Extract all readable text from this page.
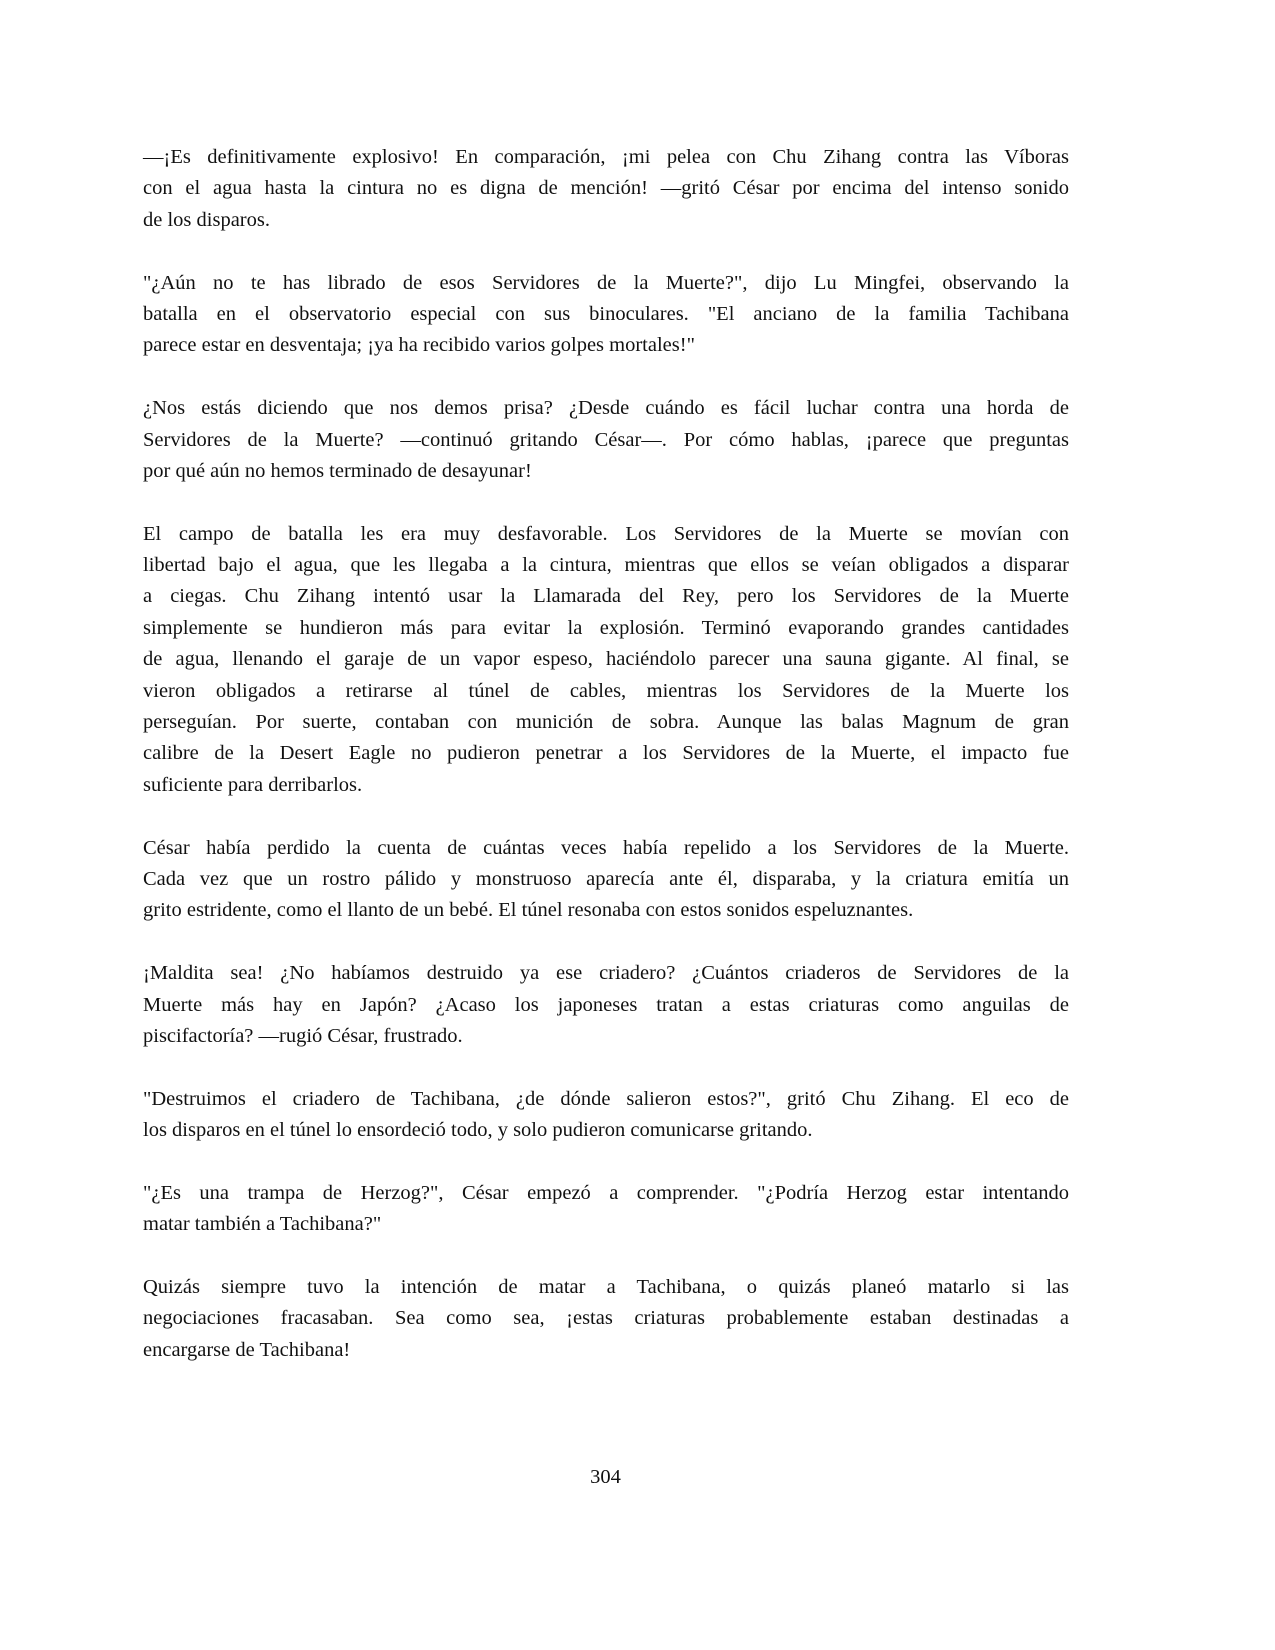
—¡Es definitivamente explosivo! En comparación, ¡mi pelea con Chu Zihang contra las Víboras
con el agua hasta la cintura no es digna de mención! —gritó César por encima del intenso sonido
de los disparos.

"¿Aún no te has librado de esos Servidores de la Muerte?", dijo Lu Mingfei, observando la
batalla en el observatorio especial con sus binoculares. "El anciano de la familia Tachibana
parece estar en desventaja; ¡ya ha recibido varios golpes mortales!"

¿Nos estás diciendo que nos demos prisa? ¿Desde cuándo es fácil luchar contra una horda de
Servidores de la Muerte? —continuó gritando César—. Por cómo hablas, ¡parece que preguntas
por qué aún no hemos terminado de desayunar!

El campo de batalla les era muy desfavorable. Los Servidores de la Muerte se movían con
libertad bajo el agua, que les llegaba a la cintura, mientras que ellos se veían obligados a disparar
a ciegas. Chu Zihang intentó usar la Llamarada del Rey, pero los Servidores de la Muerte
simplemente se hundieron más para evitar la explosión. Terminó evaporando grandes cantidades
de agua, llenando el garaje de un vapor espeso, haciéndolo parecer una sauna gigante. Al final, se
vieron obligados a retirarse al túnel de cables, mientras los Servidores de la Muerte los
perseguían. Por suerte, contaban con munición de sobra. Aunque las balas Magnum de gran
calibre de la Desert Eagle no pudieron penetrar a los Servidores de la Muerte, el impacto fue
suficiente para derribarlos.

César había perdido la cuenta de cuántas veces había repelido a los Servidores de la Muerte.
Cada vez que un rostro pálido y monstruoso aparecía ante él, disparaba, y la criatura emitía un
grito estridente, como el llanto de un bebé. El túnel resonaba con estos sonidos espeluznantes.

¡Maldita sea! ¿No habíamos destruido ya ese criadero? ¿Cuántos criaderos de Servidores de la
Muerte más hay en Japón? ¿Acaso los japoneses tratan a estas criaturas como anguilas de
piscifactoría? —rugió César, frustrado.

"Destruimos el criadero de Tachibana, ¿de dónde salieron estos?", gritó Chu Zihang. El eco de
los disparos en el túnel lo ensordeció todo, y solo pudieron comunicarse gritando.

"¿Es una trampa de Herzog?", César empezó a comprender. "¿Podría Herzog estar intentando
matar también a Tachibana?"

Quizás siempre tuvo la intención de matar a Tachibana, o quizás planeó matarlo si las
negociaciones fracasaban. Sea como sea, ¡estas criaturas probablemente estaban destinadas a
encargarse de Tachibana!

304
